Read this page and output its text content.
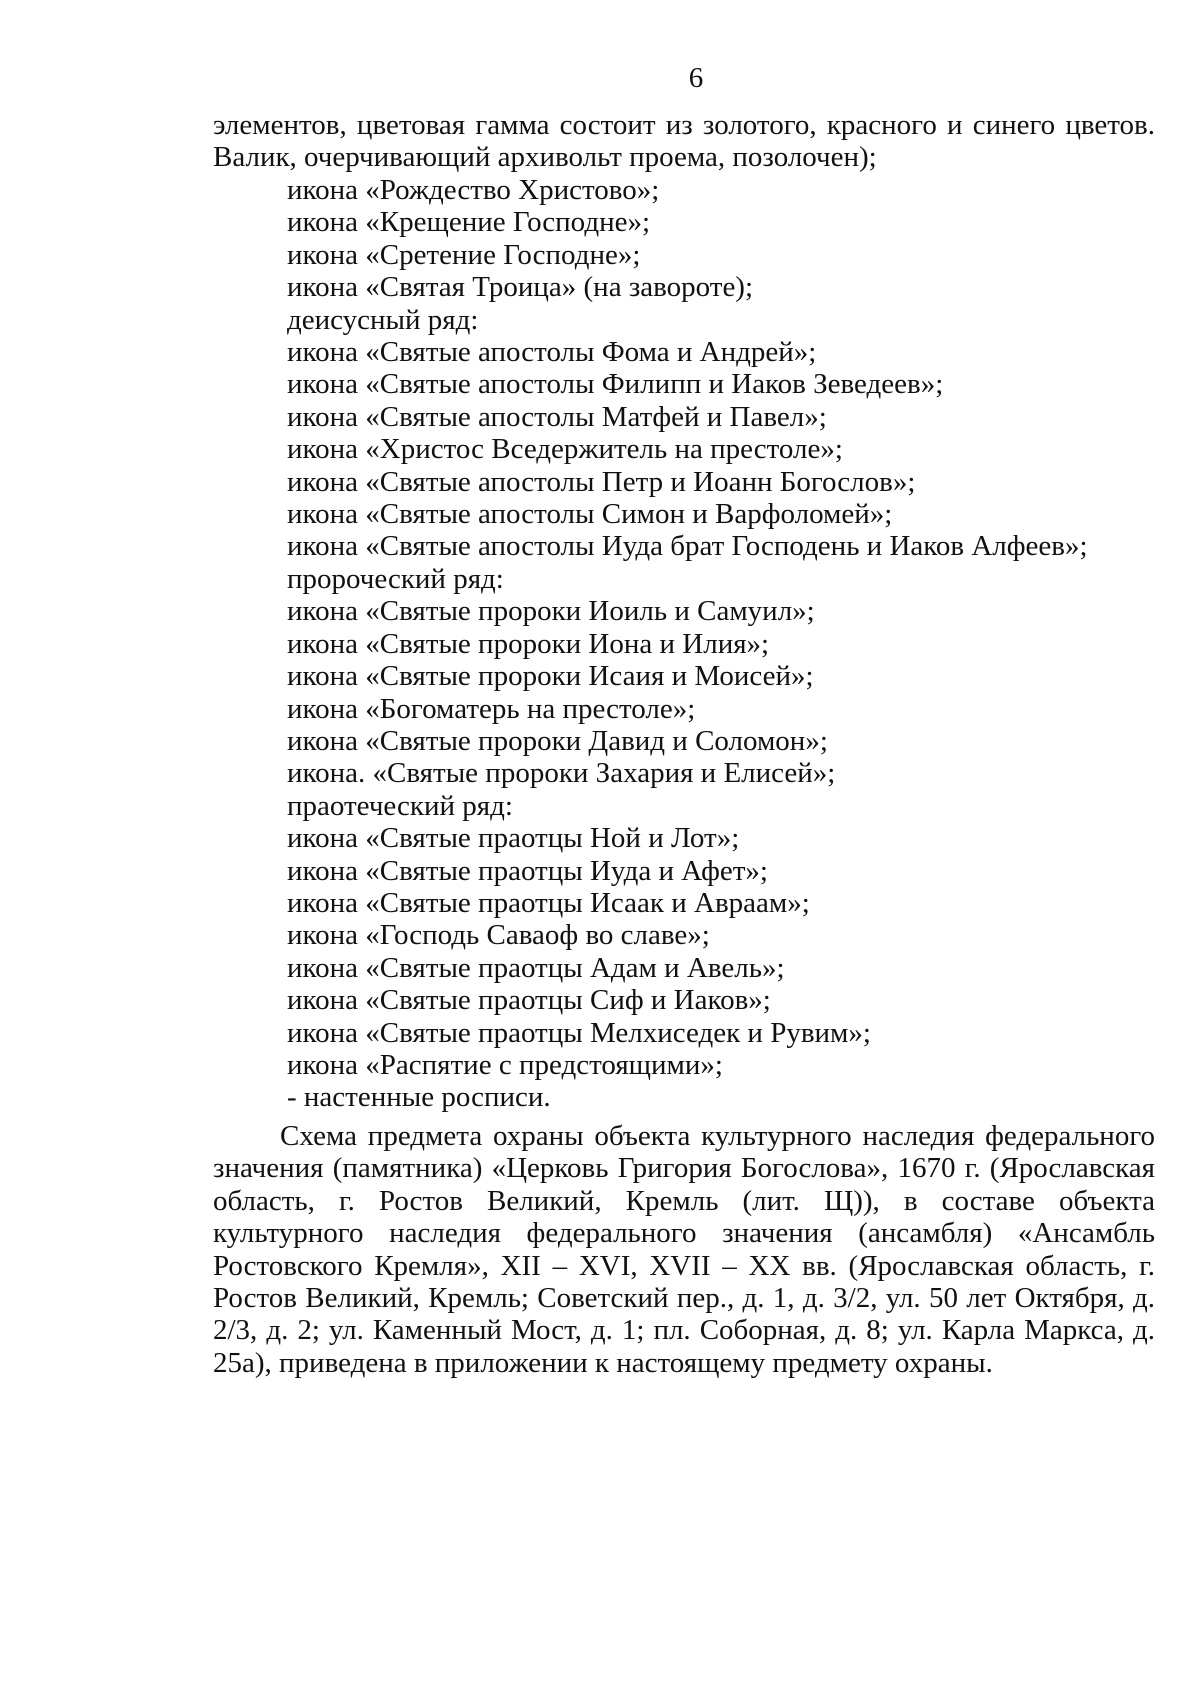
6

элементов, цветовая гамма состоит из золотого, красного и синего цветов. Валик, очерчивающий архивольт проема, позолочен);

икона «Рождество Христово»;
икона «Крещение Господне»;
икона «Сретение Господне»;
икона «Святая Троица» (на завороте);
деисусный ряд:
икона «Святые апостолы Фома и Андрей»;
икона «Святые апостолы Филипп и Иаков Зеведеев»;
икона «Святые апостолы Матфей и Павел»;
икона «Христос Вседержитель на престоле»;
икона «Святые апостолы Петр и Иоанн Богослов»;
икона «Святые апостолы Симон и Варфоломей»;
икона «Святые апостолы Иуда брат Господень и Иаков Алфеев»;
пророческий ряд:
икона «Святые пророки Иоиль и Самуил»;
икона «Святые пророки Иона и Илия»;
икона «Святые пророки Исаия и Моисей»;
икона «Богоматерь на престоле»;
икона «Святые пророки Давид и Соломон»;
икона. «Святые пророки Захария и Елисей»;
праотеческий ряд:
икона «Святые праотцы Ной и Лот»;
икона «Святые праотцы Иуда и Афет»;
икона «Святые праотцы Исаак и Авраам»;
икона «Господь Саваоф во славе»;
икона «Святые праотцы Адам и Авель»;
икона «Святые праотцы Сиф и Иаков»;
икона «Святые праотцы Мелхиседек и Рувим»;
икона «Распятие с предстоящими»;
- настенные росписи.

Схема предмета охраны объекта культурного наследия федерального значения (памятника) «Церковь Григория Богослова», 1670 г. (Ярославская область, г. Ростов Великий, Кремль (лит. Щ)), в составе объекта культурного наследия федерального значения (ансамбля) «Ансамбль Ростовского Кремля», XII – XVI, XVII – XX вв. (Ярославская область, г. Ростов Великий, Кремль; Советский пер., д. 1, д. 3/2, ул. 50 лет Октября, д. 2/3, д. 2; ул. Каменный Мост, д. 1; пл. Соборная, д. 8; ул. Карла Маркса, д. 25а), приведена в приложении к настоящему предмету охраны.
